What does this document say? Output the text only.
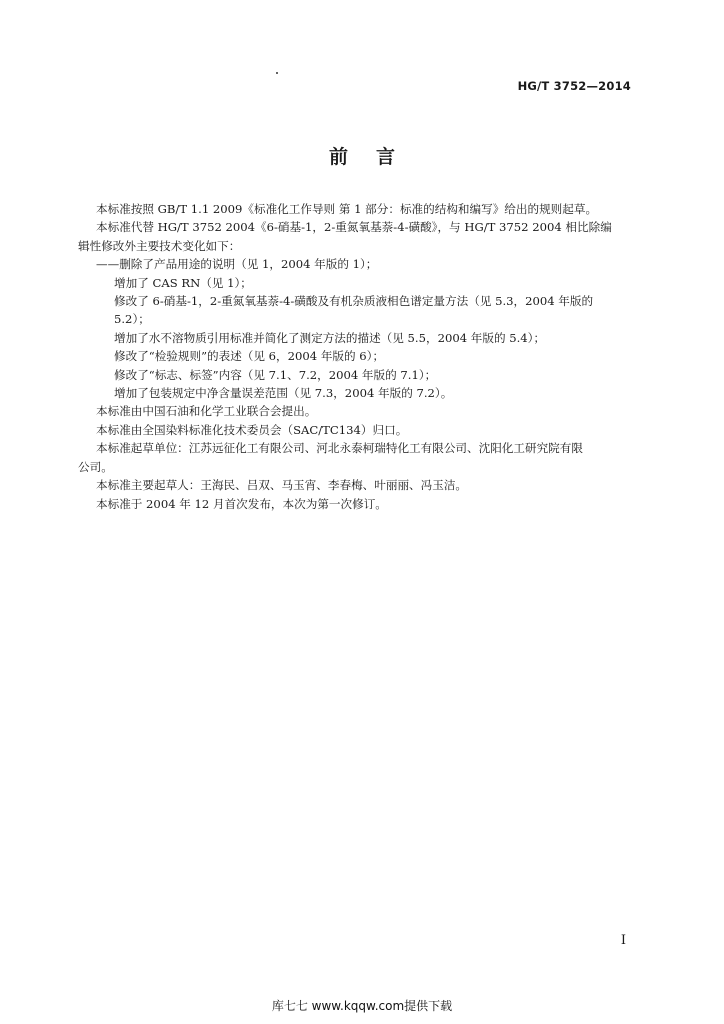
HG/T 3752—2014
前 言

本标准按照 GB/T 1.1 2009《标准化工作导则 第 1 部分：标准的结构和编写》给出的规则起草。

本标准代替 HG/T 3752 2004《6-硝基-1，2-重氮氧基萘-4-磺酸》，与 HG/T 3752 2004 相比除编

辑性修改外主要技术变化如下：

——删除了产品用途的说明（见 1，2004 年版的 1）；

增加了 CAS RN（见 1）；

修改了 6-硝基-1，2-重氮氧基萘-4-磺酸及有机杂质液相色谱定量方法（见 5.3，2004 年版的

5.2）；

增加了水不溶物质引用标准并简化了测定方法的描述（见 5.5，2004 年版的 5.4）；

修改了“检验规则”的表述（见 6，2004 年版的 6）；

修改了“标志、标签”内容（见 7.1、7.2，2004 年版的 7.1）；

增加了包装规定中净含量误差范围（见 7.3，2004 年版的 7.2）。

本标准由中国石油和化学工业联合会提出。

本标准由全国染料标准化技术委员会（SAC/TC134）归口。

本标准起草单位：江苏远征化工有限公司、河北永泰柯瑞特化工有限公司、沈阳化工研究院有限

公司。

本标准主要起草人：王海民、吕双、马玉宵、李春梅、叶丽丽、冯玉洁。

本标准于 2004 年 12 月首次发布，本次为第一次修订。

I
库七七 www.kqqw.com提供下载
